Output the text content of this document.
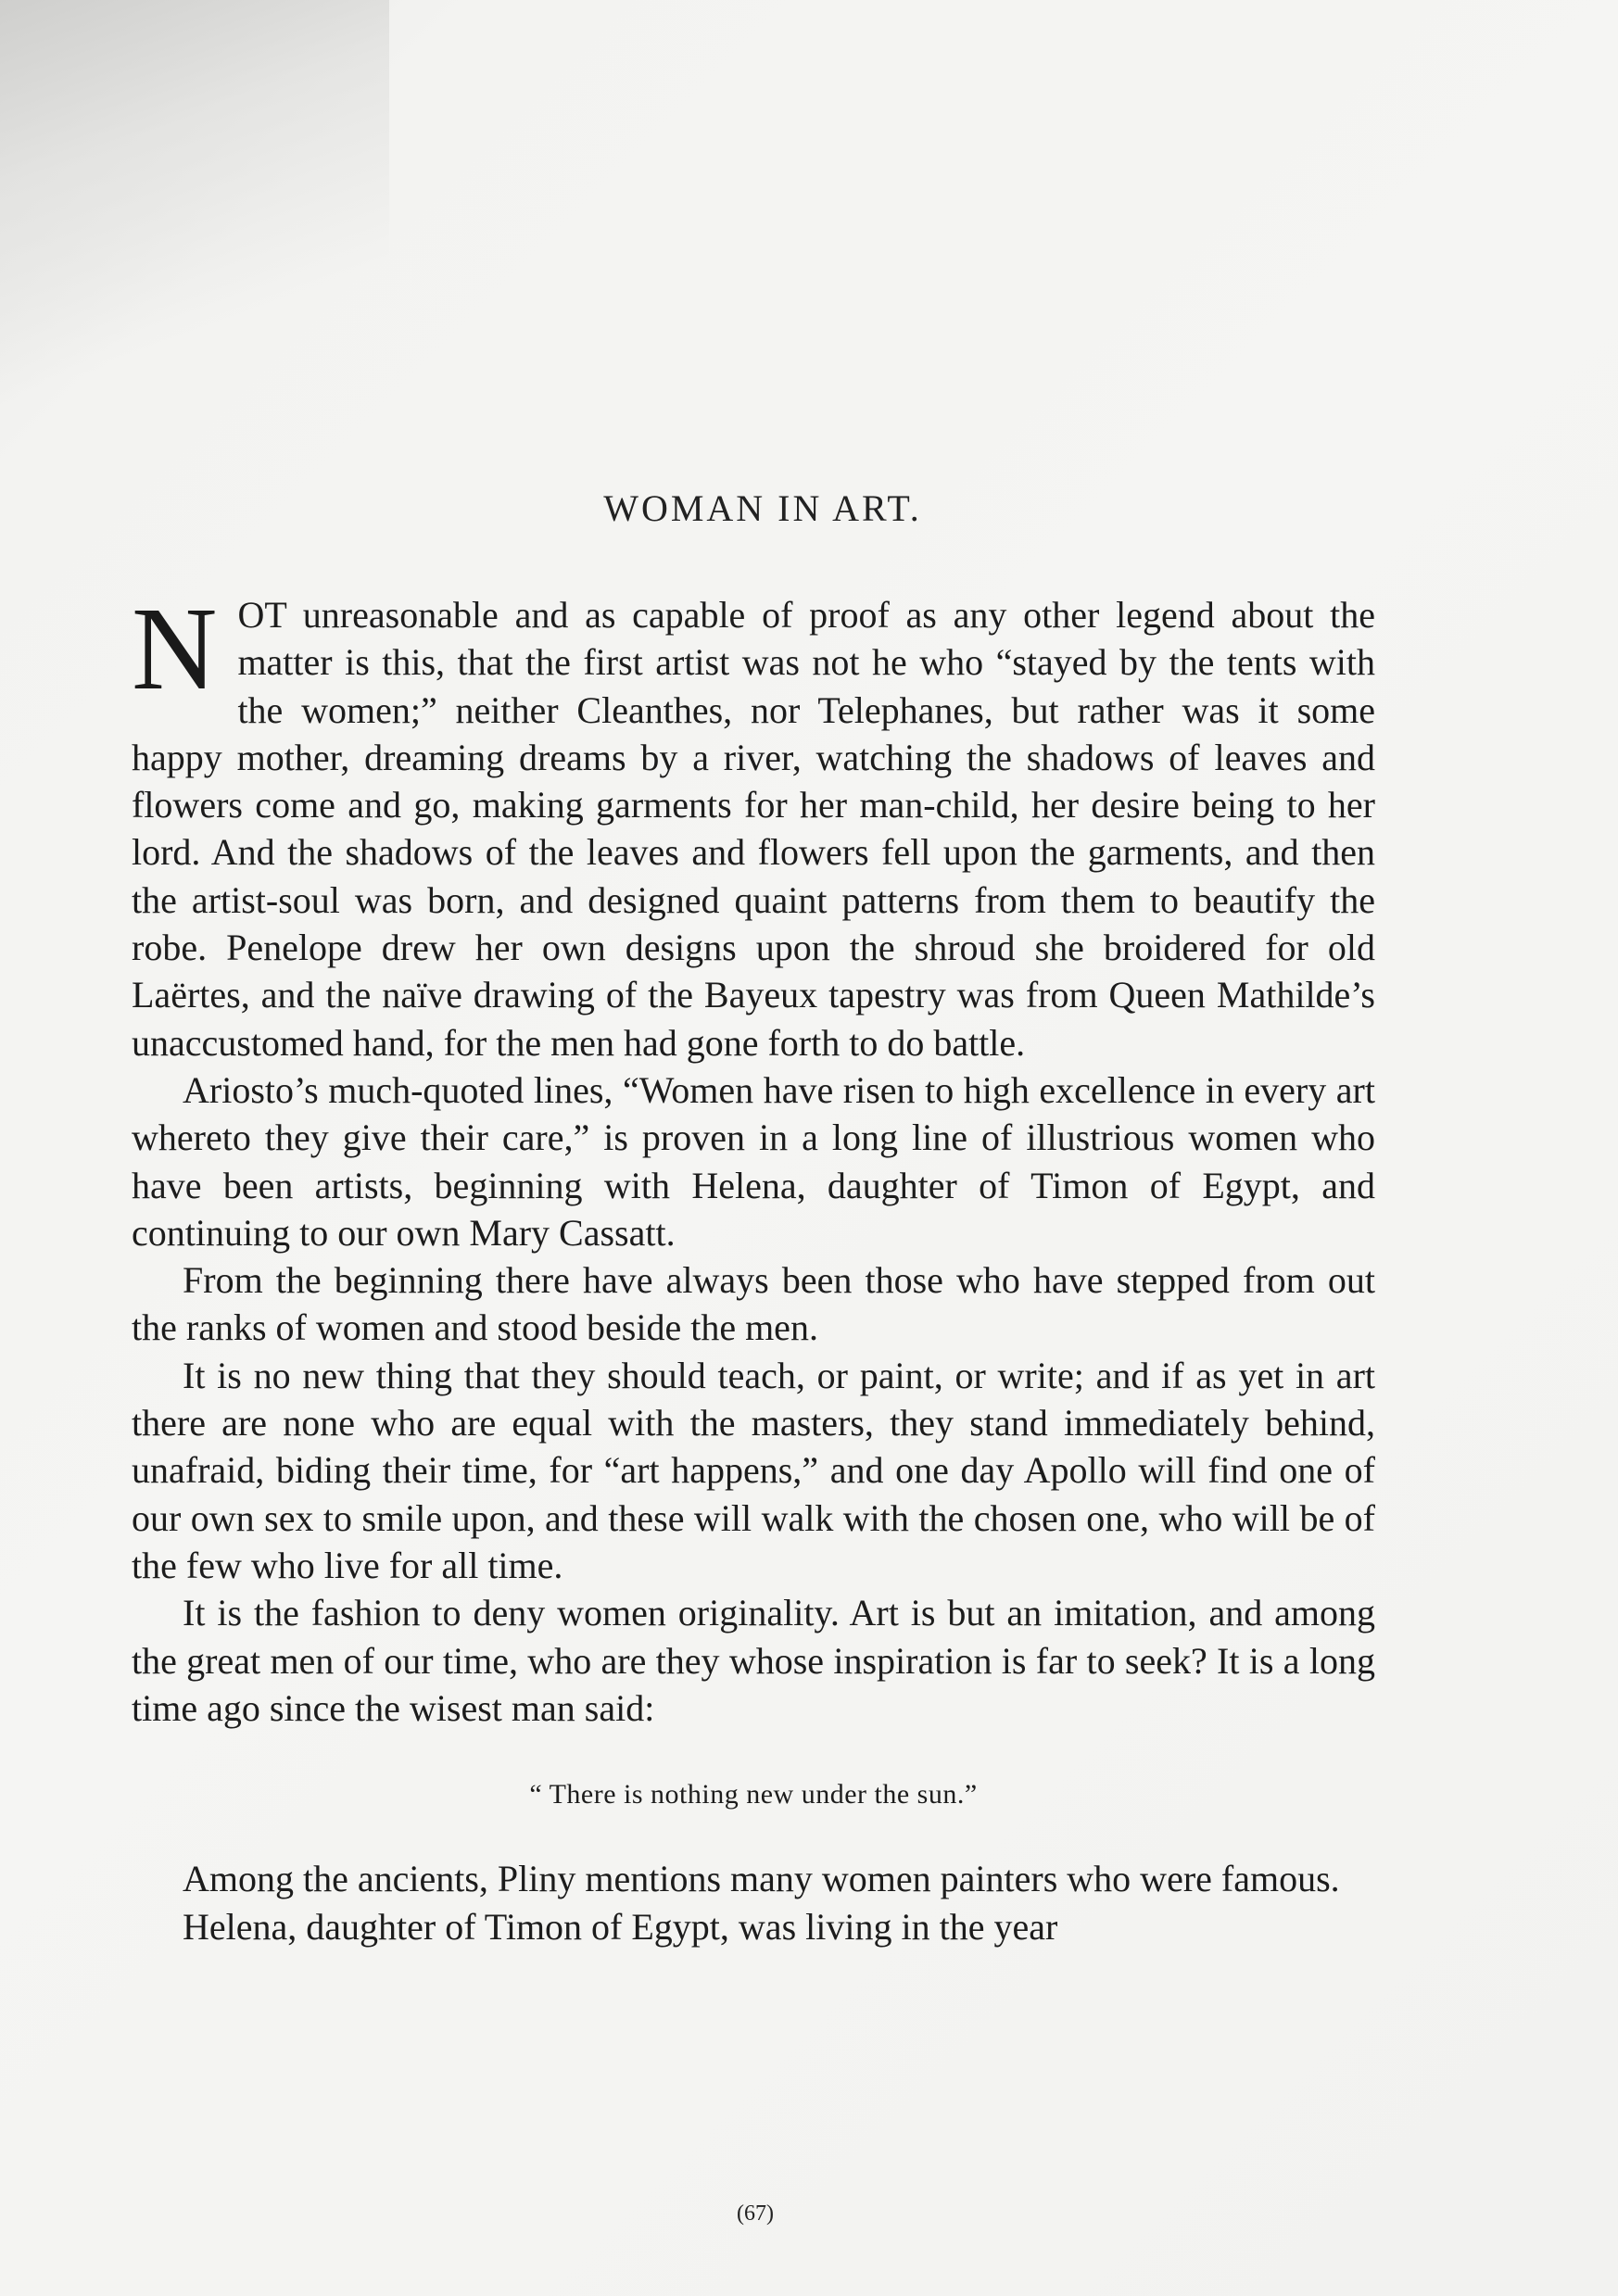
WOMAN IN ART.

NOT unreasonable and as capable of proof as any other legend about the matter is this, that the first artist was not he who “stayed by the tents with the women;” neither Cleanthes, nor Telephanes, but rather was it some happy mother, dreaming dreams by a river, watching the shadows of leaves and flowers come and go, making garments for her man-child, her desire being to her lord. And the shadows of the leaves and flowers fell upon the garments, and then the artist-soul was born, and designed quaint patterns from them to beautify the robe. Penelope drew her own designs upon the shroud she broidered for old Laërtes, and the naïve drawing of the Bayeux tapestry was from Queen Mathilde’s unaccustomed hand, for the men had gone forth to do battle.

Ariosto’s much-quoted lines, “Women have risen to high excellence in every art whereto they give their care,” is proven in a long line of illustrious women who have been artists, beginning with Helena, daughter of Timon of Egypt, and continuing to our own Mary Cassatt.

From the beginning there have always been those who have stepped from out the ranks of women and stood beside the men.

It is no new thing that they should teach, or paint, or write; and if as yet in art there are none who are equal with the masters, they stand immediately behind, unafraid, biding their time, for “art happens,” and one day Apollo will find one of our own sex to smile upon, and these will walk with the chosen one, who will be of the few who live for all time.

It is the fashion to deny women originality. Art is but an imitation, and among the great men of our time, who are they whose inspiration is far to seek? It is a long time ago since the wisest man said:

“ There is nothing new under the sun.”

Among the ancients, Pliny mentions many women painters who were famous.

Helena, daughter of Timon of Egypt, was living in the year

(67)
